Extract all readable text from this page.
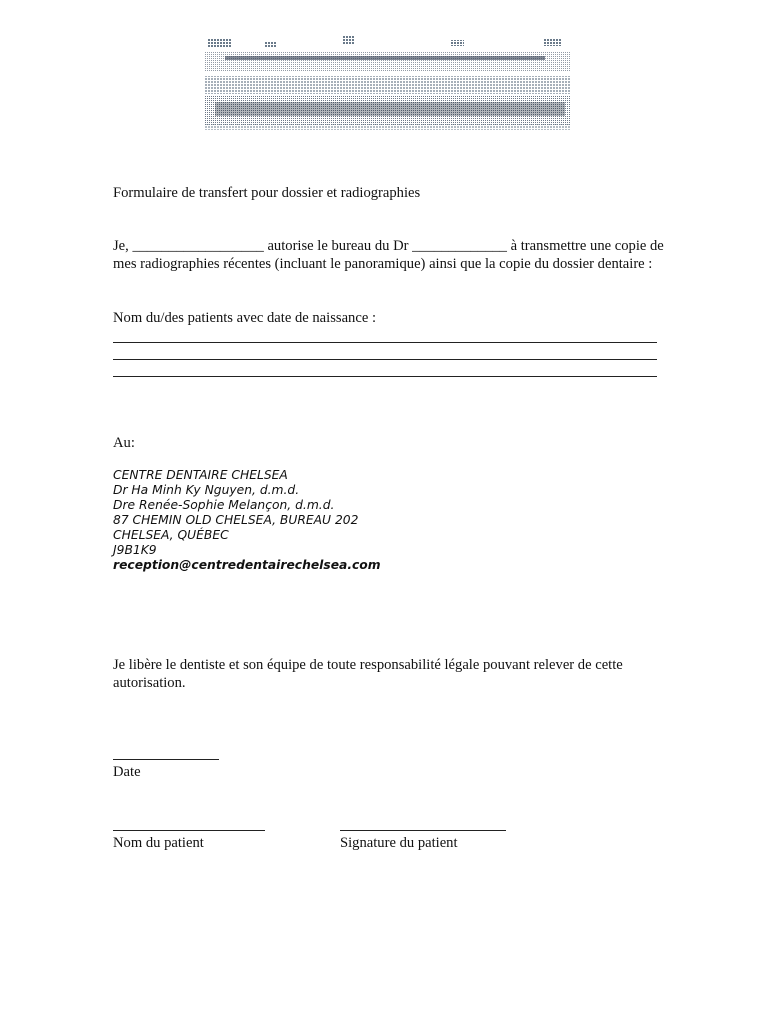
Formulaire de transfert pour dossier et radiographies
Je, __________________ autorise le bureau du Dr _____________ à transmettre une copie de mes radiographies récentes (incluant le panoramique) ainsi que la copie du dossier dentaire :
Nom du/des patients avec date de naissance :
Au:
CENTRE DENTAIRE CHELSEA
Dr Ha Minh Ky Nguyen, d.m.d.
Dre Renée-Sophie Melançon, d.m.d.
87 CHEMIN OLD CHELSEA, BUREAU 202
CHELSEA, QUÉBEC
J9B1K9
reception@centredentairechelsea.com
Je libère le dentiste et son équipe de toute responsabilité légale pouvant relever de cette autorisation.
Date
Nom du patient	Signature du patient
